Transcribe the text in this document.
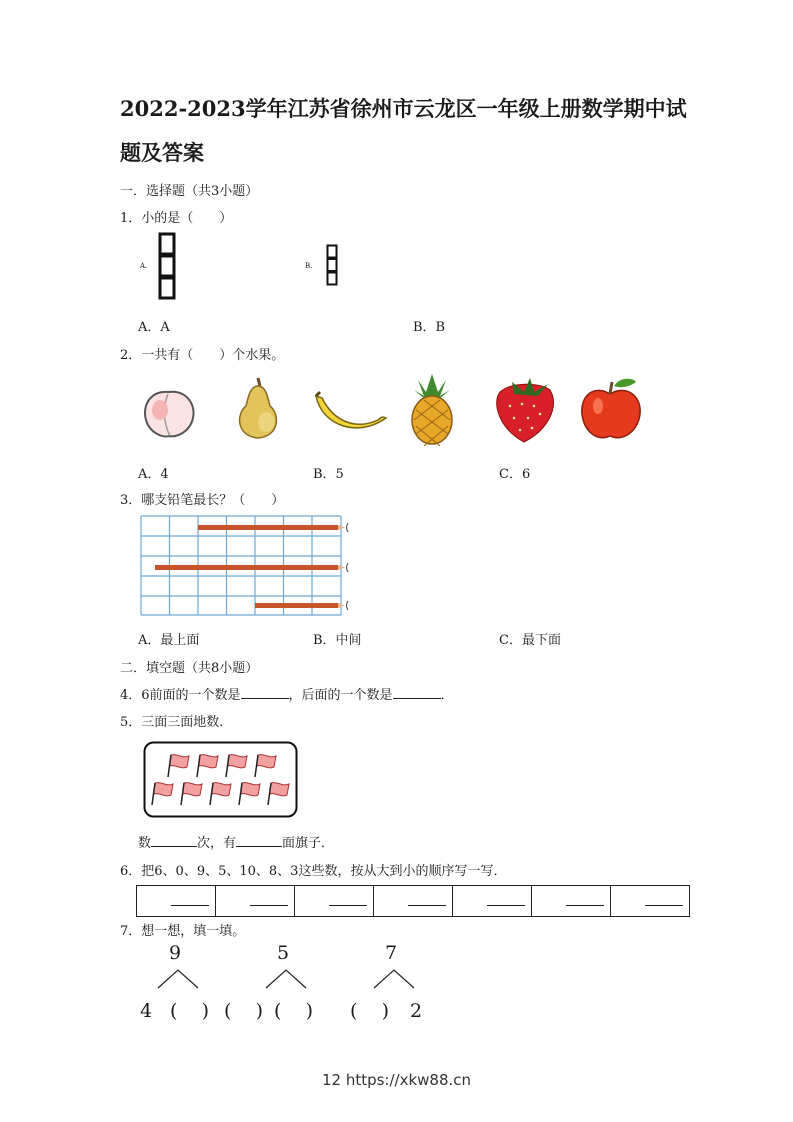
2022-2023学年江苏省徐州市云龙区一年级上册数学期中试题及答案
一．选择题（共3小题）
1．小的是（　　）
A.	B.
A．A	B．B
2．一共有（　　）个水果。
A．4	B．5	C．6
3．哪支铅笔最长？（　　）
A．最上面	B．中间	C．最下面
二．填空题（共8小题）
4．6前面的一个数是	，后面的一个数是	．
5．三面三面地数．
数	次，有	面旗子．
6．把6、0、9、5、10、8、3这些数，按从大到小的顺序写一写．

7．想一想，填一填。
9
4 (    )
5
(    ) (    )
7
(    ) 2
12 https://xkw88.cn
